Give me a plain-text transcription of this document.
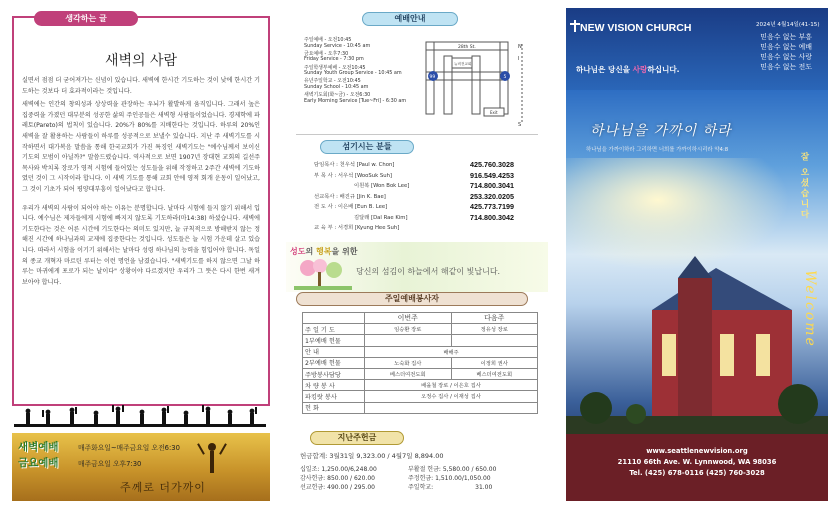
생각하는 글
새벽의 사람

실면서 점점 더 굳어져가는 신념이 있습니다. 새벽에 한시간 기도하는 것이 낮에 한시간 기도하는 것보다 더 효과적이라는 것입니다.

새벽에는 인간의 창의성과 상상력을 관장하는 우뇌가 활발하게 움직입니다. 그래서 높은 집중력을 가졌던 대부분의 성공한 삶의 주인공들은 새벽형 사람들이었습니다. 경제학에 파레토(Pareto)의 법칙이 있습니다. 20%가 80%를 지배한다는 것입니다. 하루의 20%인 새벽을 잘 활용하는 사람들이 하루를 성공적으로 보낼수 있습니다. 지난 주 새벽기도를 시작하면서 대가복음 말씀을 통해 한국교회가 가진 특징인 새벽기도는 "예수님께서 보이신 기도의 모범이 아닐까?" 말씀드렸습니다. 역사적으로 보면 1907년 장대현 교회의 길선주 목사와 박치록 장로가 영적 시험에 들어있는 성도들을 위해 작정하고 2주간 새벽에 기도하였던 것이 그 시작이라 합니다. 이 새벽 기도를 통해 교회 안에 영적 회개 운동이 일어났고, 그 것이 기초가 되어 평양대부흥이 일어났다고 합니다.

우리가 새벽의 사람이 되어야 하는 이유는 분명합니다. 날마다 시험에 들지 않기 위해서 입니다. 예수님은 제자들에게 시험에 빠지지 않도록 기도하라(마14:38) 하셨습니다. 새벽에 기도한다는 것은 어른 시간에 기도한다는 의미도 있지만, 늘 규칙적으로 방해받지 않는 정해진 시간에 하나님과의 교제에 집중한다는 것입니다. 성도들은 늘 시험 가운데 살고 있습니다. 따라서 시험을 이기기 위해서는 날마다 성령 하나님의 능력을 힘입어야 합니다. 독일의 종교 개혁자 마르틴 루터는 이런 명언을 남겼습니다. "새벽기도를 하지 않으면 그날 하루는 마귀에게 포로가 되는 날이다" 상황이야 다르겠지만 우리가 그 뜻은 다시 한번 새겨 보아야 합니다.

새벽예배	매주화요일~매주금요일 오전6:30
금요예배	매주금요일 오후7:30
주께로 더가까이
예배안내
주일예배 - 오전10:45
Sunday Service - 10:45 am
금요예배 - 오후7:30
Friday Service - 7:30 pm
주일학생부예배 - 오전10:45
Sunday Youth Group Service - 10:45 am
유년주일학교 - 오전10:45
Sunday School - 10:45 am
새벽기도회(화~금) - 오전6:30
Early Morning Service [Tue~Fri] - 6:30 am
28th St.
99	5
뉴비전교회
N
I
S
Exit
섬기시는 분들
담임목사 : 천우석 [Paul w. Chon]	425.760.3028
부 목 사 : 서우석 [WooSuk Suh]	916.549.4253
이원복 [Won Bok Lee]	714.800.3041
선교목사 : 배진규 [Jin K. Bae]	253.320.0205
전 도 사 : 이은배 [Eun B. Lee]	425.773.7199
김달래 [Dal Rae Kim]	714.800.3042
교 육 부 : 서경희 [Kyung Hee Suh]
성도의 행복을 위한
당신의 섬김이 하늘에서 해같이 빛납니다.
주일예배봉사자
	이번주	다음주
주 일 기 도	임승환 장로	정유성 장로
1부예배 헌물		
안 내	배해주	
2부예배 헌물	노숙화 집사	이정희 권사
주방봉사담당	베스더여전도회	베스더여전도회
차 량 봉 사	배을철 장로 / 이은호 집사	
파킹랏 봉사	오정수 집사 / 이재성 집사	
헌 화		
지난주헌금
헌금합계: 3월31일 9,323.00 / 4월7일 8,894.00
십일조: 1,250.00/6,248.00
감사헌금: 850.00 / 620.00
선교헌금: 490.00 / 295.00
부활절 헌금: 5,580.00 / 650.00
주정헌금: 1,510.00/1,050.00
주일학교:	31.00
NEW VISION CHURCH	2024년 4월14일(41-15)
믿음수 없는 부흥
믿음수 없는 예배
믿음수 없는 사랑
믿음수 없는 전도
하나님은 당신을 사랑하십니다.
하나님을 가까이 하라
하나님을 가까이하라 그리하면 너희를 가까이하시리라 약4:8
잘 오셨습니다
Welcome
www.seattlenewvision.org
21110 66th Ave. W. Lynnwood, WA 98036
Tel. (425) 678-0116 (425) 760-3028
